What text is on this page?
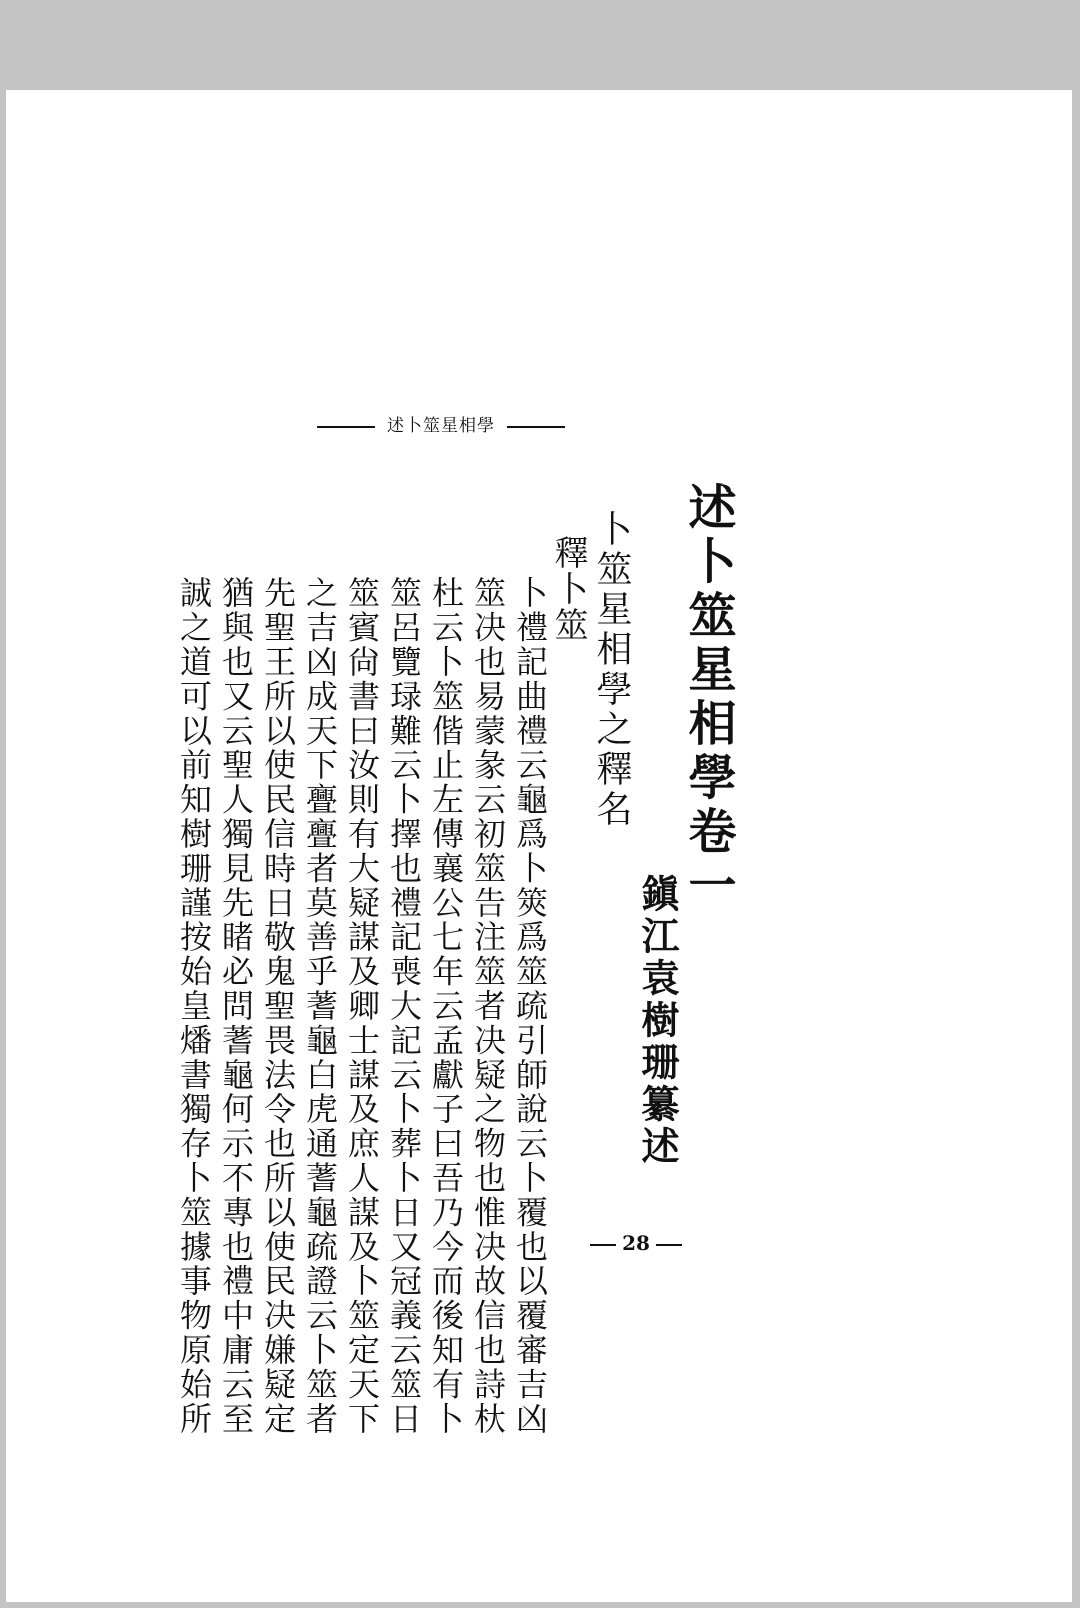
述卜筮星相學
述卜筮星相學卷一
鎭江袁樹珊纂述
卜筮星相學之釋名
釋卜筮
卜禮記曲禮云龜爲卜筴爲筮疏引師說云卜覆也以覆審吉凶
筮决也易蒙彖云初筮告注筮者决疑之物也惟决故信也詩杕
杜云卜筮偕止左傳襄公七年云孟獻子曰吾乃今而後知有卜
筮呂覽琭難云卜擇也禮記喪大記云卜葬卜日又冠義云筮日
筮賓尙書曰汝則有大疑謀及卿士謀及庶人謀及卜筮定天下
之吉凶成天下亹亹者莫善乎蓍龜白虎通蓍龜疏證云卜筮者
先聖王所以使民信時日敬鬼聖畏法令也所以使民决嫌疑定
猶與也又云聖人獨見先睹必問蓍龜何示不專也禮中庸云至
誠之道可以前知樹珊謹按始皇燔書獨存卜筮據事物原始所	28
